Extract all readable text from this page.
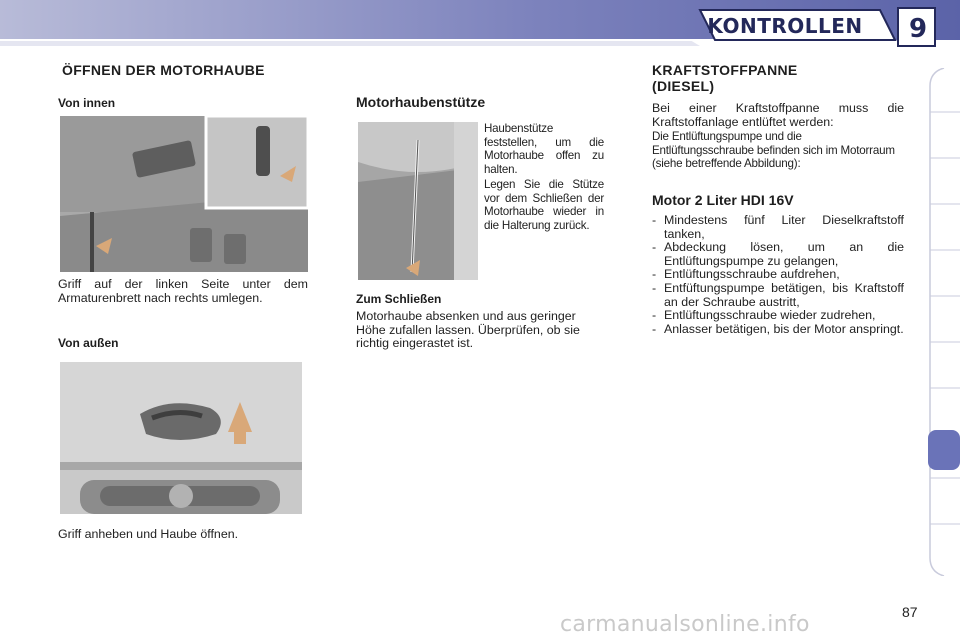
KONTROLLEN 9
ÖFFNEN DER MOTORHAUBE
Von innen
Griff auf der linken Seite unter dem Armaturenbrett nach rechts umlegen.
Von außen
Griff anheben und Haube öffnen.
Motorhaubenstütze
Haubenstütze feststellen, um die Motorhaube offen zu halten.
Legen Sie die Stütze vor dem Schließen der Motorhaube wieder in die Halterung zurück.
Zum Schließen
Motorhaube absenken und aus geringer Höhe zufallen lassen. Überprüfen, ob sie richtig eingerastet ist.
KRAFTSTOFFPANNE (DIESEL)
Bei einer Kraftstoffpanne muss die Kraftstoffanlage entlüftet werden:
Die Entlüftungspumpe und die Entlüftungsschraube befinden sich im Motorraum (siehe betreffende Abbildung):
Motor 2 Liter HDI 16V
- Mindestens fünf Liter Dieselkraftstoff tanken,
- Abdeckung lösen, um an die Entlüftungspumpe zu gelangen,
- Entlüftungsschraube aufdrehen,
- Entfüftungspumpe betätigen, bis Kraftstoff an der Schraube austritt,
- Entlüftungsschraube wieder zudrehen,
- Anlasser betätigen, bis der Motor anspringt.
87
carmanualsonline.info
